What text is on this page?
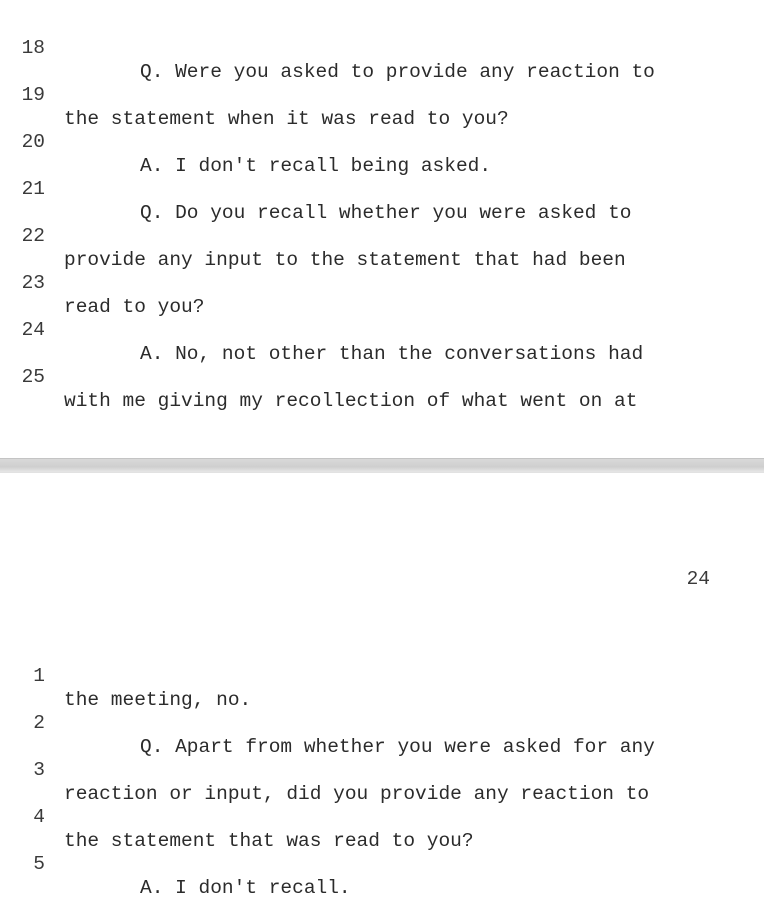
18

Q. Were you asked to provide any reaction to

19

the statement when it was read to you?

20

A. I don't recall being asked.

21

Q. Do you recall whether you were asked to

22

provide any input to the statement that had been

23

read to you?

24

A. No, not other than the conversations had

25

with me giving my recollection of what went on at

24

1

the meeting, no.

2

Q. Apart from whether you were asked for any

3

reaction or input, did you provide any reaction to

4

the statement that was read to you?

5

A. I don't recall.
